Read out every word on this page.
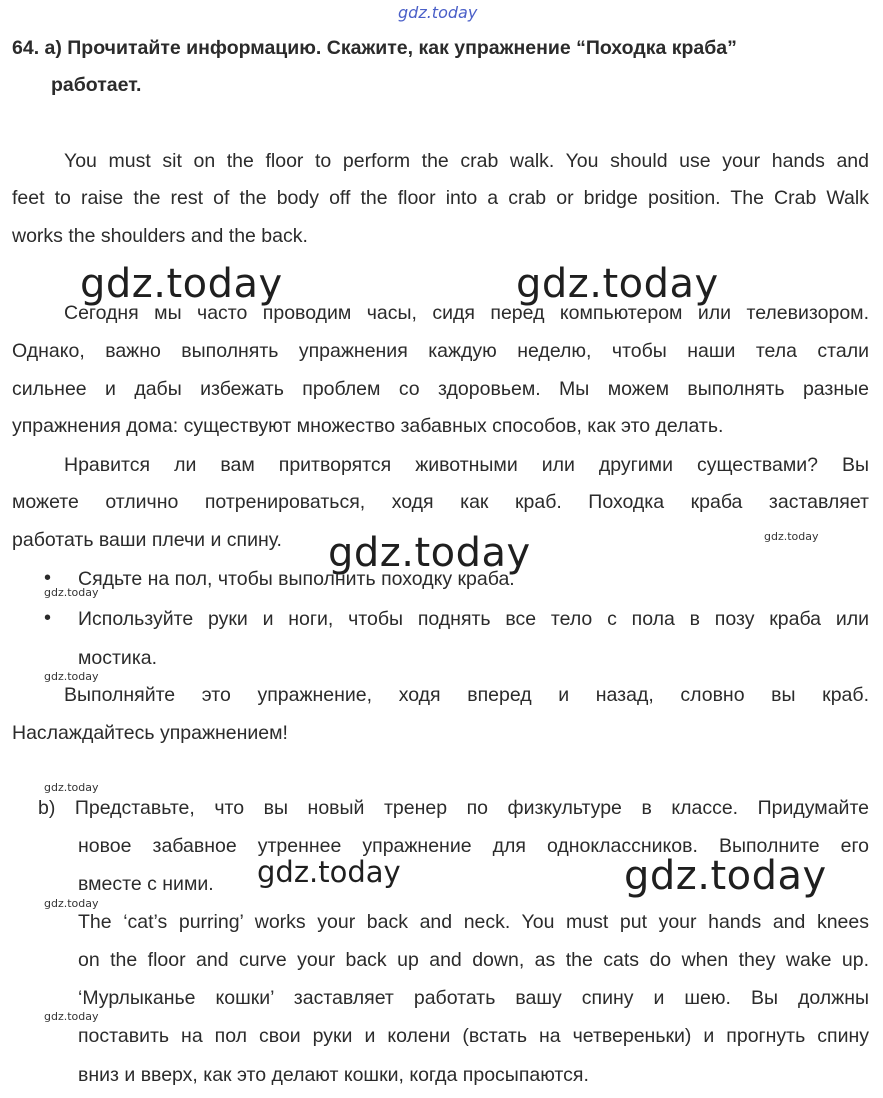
gdz.today
gdz.today	gdz.today
gdz.today
gdz.today
gdz.today
gdz.today
gdz.today
gdz.today
gdz.today
gdz.today
gdz.today
64. a) Прочитайте информацию. Скажите, как упражнение “Походка краба”
работает.
You must sit on the floor to perform the crab walk. You should use your hands and
feet to raise the rest of the body off the floor into a crab or bridge position. The Crab Walk
works the shoulders and the back.
Сегодня мы часто проводим часы, сидя перед компьютером или телевизором.
Однако, важно выполнять упражнения каждую неделю, чтобы наши тела стали
сильнее и дабы избежать проблем со здоровьем. Мы можем выполнять разные
упражнения дома: существуют множество забавных способов, как это делать.
Нравится ли вам притворятся животными или другими существами? Вы
можете отлично потренироваться, ходя как краб. Походка краба заставляет
работать ваши плечи и спину.
• Сядьте на пол, чтобы выполнить походку краба.
• Используйте руки и ноги, чтобы поднять все тело с пола в позу краба или
мостика.
Выполняйте это упражнение, ходя вперед и назад, словно вы краб.
Наслаждайтесь упражнением!
b) Представьте, что вы новый тренер по физкультуре в классе. Придумайте
новое забавное утреннее упражнение для одноклассников. Выполните его
вместе с ними.
The ‘cat’s purring’ works your back and neck. You must put your hands and knees
on the floor and curve your back up and down, as the cats do when they wake up.
‘Мурлыканье кошки’ заставляет работать вашу спину и шею. Вы должны
поставить на пол свои руки и колени (встать на четвереньки) и прогнуть спину
вниз и вверх, как это делают кошки, когда просыпаются.
